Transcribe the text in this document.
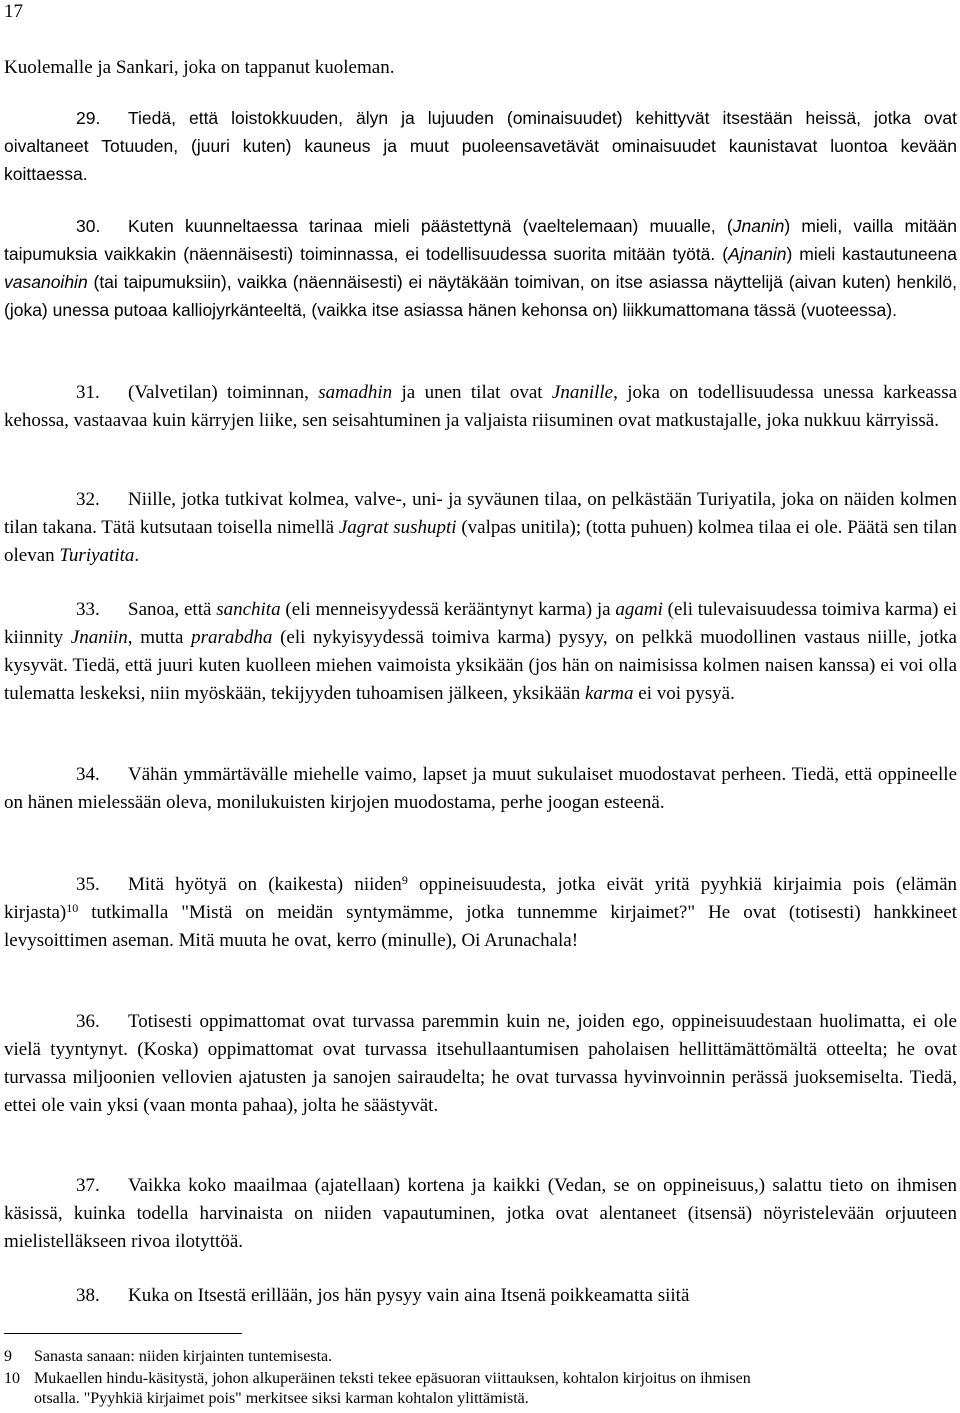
17
Kuolemalle ja Sankari, joka on tappanut kuoleman.

29. Tiedä, että loistokkuuden, älyn ja lujuuden (ominaisuudet) kehittyvät itsestään heissä, jotka ovat oivaltaneet Totuuden, (juuri kuten) kauneus ja muut puoleensavetävät ominaisuudet kaunistavat luontoa kevään koittaessa.

30. Kuten kuunneltaessa tarinaa mieli päästettynä (vaeltelemaan) muualle, (Jnanin) mieli, vailla mitään taipumuksia vaikkakin (näennäisesti) toiminnassa, ei todellisuudessa suorita mitään työtä. (Ajnanin) mieli kastautuneena vasanoihin (tai taipumuksiin), vaikka (näennäisesti) ei näytäkään toimivan, on itse asiassa näyttelijä (aivan kuten) henkilö, (joka) unessa putoaa kalliojyrkänteeltä, (vaikka itse asiassa hänen kehonsa on) liikkumattomana tässä (vuoteessa).

31. (Valvetilan) toiminnan, samadhin ja unen tilat ovat Jnanille, joka on todellisuudessa unessa karkeassa kehossa, vastaavaa kuin kärryjen liike, sen seisahtuminen ja valjaista riisuminen ovat matkustajalle, joka nukkuu kärryissä.

32. Niille, jotka tutkivat kolmea, valve-, uni- ja syväunen tilaa, on pelkästään Turiyatila, joka on näiden kolmen tilan takana. Tätä kutsutaan toisella nimellä Jagrat sushupti (valpas unitila); (totta puhuen) kolmea tilaa ei ole. Päätä sen tilan olevan Turiyatita.

33. Sanoa, että sanchita (eli menneisyydessä kerääntynyt karma) ja agami (eli tulevaisuudessa toimiva karma) ei kiinnity Jnaniin, mutta prarabdha (eli nykyisyydessä toimiva karma) pysyy, on pelkkä muodollinen vastaus niille, jotka kysyvät. Tiedä, että juuri kuten kuolleen miehen vaimoista yksikään (jos hän on naimisissa kolmen naisen kanssa) ei voi olla tulematta leskeksi, niin myöskään, tekijyyden tuhoamisen jälkeen, yksikään karma ei voi pysyä.

34. Vähän ymmärtävälle miehelle vaimo, lapset ja muut sukulaiset muodostavat perheen. Tiedä, että oppineelle on hänen mielessään oleva, monilukuisten kirjojen muodostama, perhe joogan esteenä.

35. Mitä hyötyä on (kaikesta) niiden$^9$ oppineisuudesta, jotka eivät yritä pyyhkiä kirjaimia pois (elämän kirjasta)$^{10}$ tutkimalla "Mistä on meidän syntymämme, jotka tunnemme kirjaimet?" He ovat (totisesti) hankkineet levysoittimen aseman. Mitä muuta he ovat, kerro (minulle), Oi Arunachala!

36. Totisesti oppimattomat ovat turvassa paremmin kuin ne, joiden ego, oppineisuudestaan huolimatta, ei ole vielä tyyntynyt. (Koska) oppimattomat ovat turvassa itsehullaantumisen paholaisen hellittämättömältä otteelta; he ovat turvassa miljoonien vellovien ajatusten ja sanojen sairaudelta; he ovat turvassa hyvinvoinnin perässä juoksemiselta. Tiedä, ettei ole vain yksi (vaan monta pahaa), jolta he säästyvät.

37. Vaikka koko maailmaa (ajatellaan) kortena ja kaikki (Vedan, se on oppineisuus,) salattu tieto on ihmisen käsissä, kuinka todella harvinaista on niiden vapautuminen, jotka ovat alentaneet (itsensä) nöyristelevään orjuuteen mielistelläkseen rivoa ilotyttöä.

38. Kuka on Itsestä erillään, jos hän pysyy vain aina Itsenä poikkeamatta siitä

9 Sanasta sanaan: niiden kirjainten tuntemisesta.
10 Mukaellen hindu-käsitystä, johon alkuperäinen teksti tekee epäsuoran viittauksen, kohtalon kirjoitus on ihmisen
otsalla. "Pyyhkiä kirjaimet pois" merkitsee siksi karman kohtalon ylittämistä.
